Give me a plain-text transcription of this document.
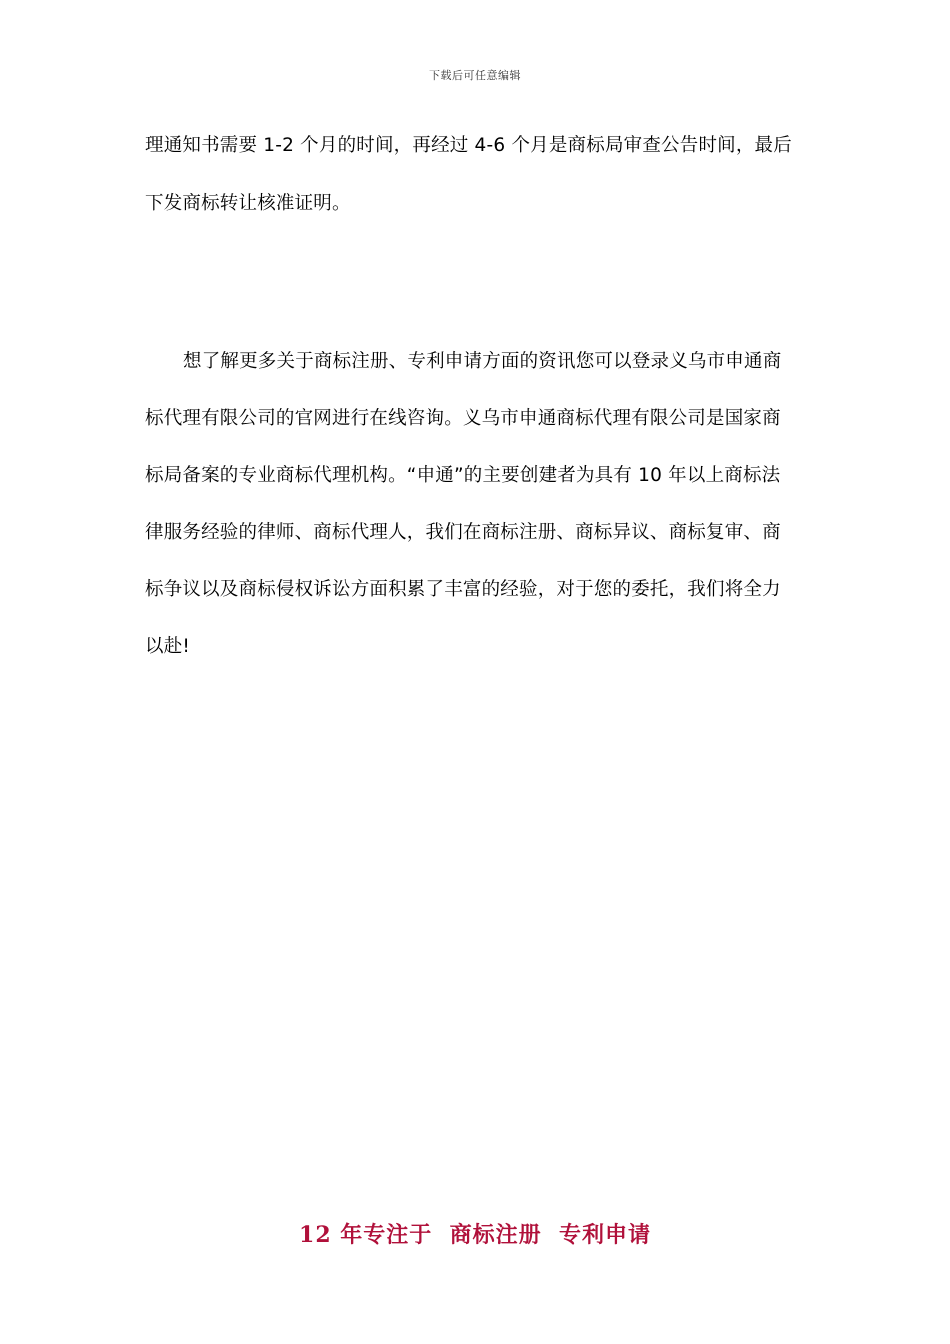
下载后可任意编辑
理通知书需要 1-2 个月的时间，再经过 4-6 个月是商标局审查公告时间，最后
下发商标转让核准证明。
想了解更多关于商标注册、专利申请方面的资讯您可以登录义乌市申通商
标代理有限公司的官网进行在线咨询。义乌市申通商标代理有限公司是国家商
标局备案的专业商标代理机构。“申通”的主要创建者为具有 10 年以上商标法
律服务经验的律师、商标代理人，我们在商标注册、商标异议、商标复审、商
标争议以及商标侵权诉讼方面积累了丰富的经验，对于您的委托，我们将全力
以赴!
12 年专注于  商标注册  专利申请
